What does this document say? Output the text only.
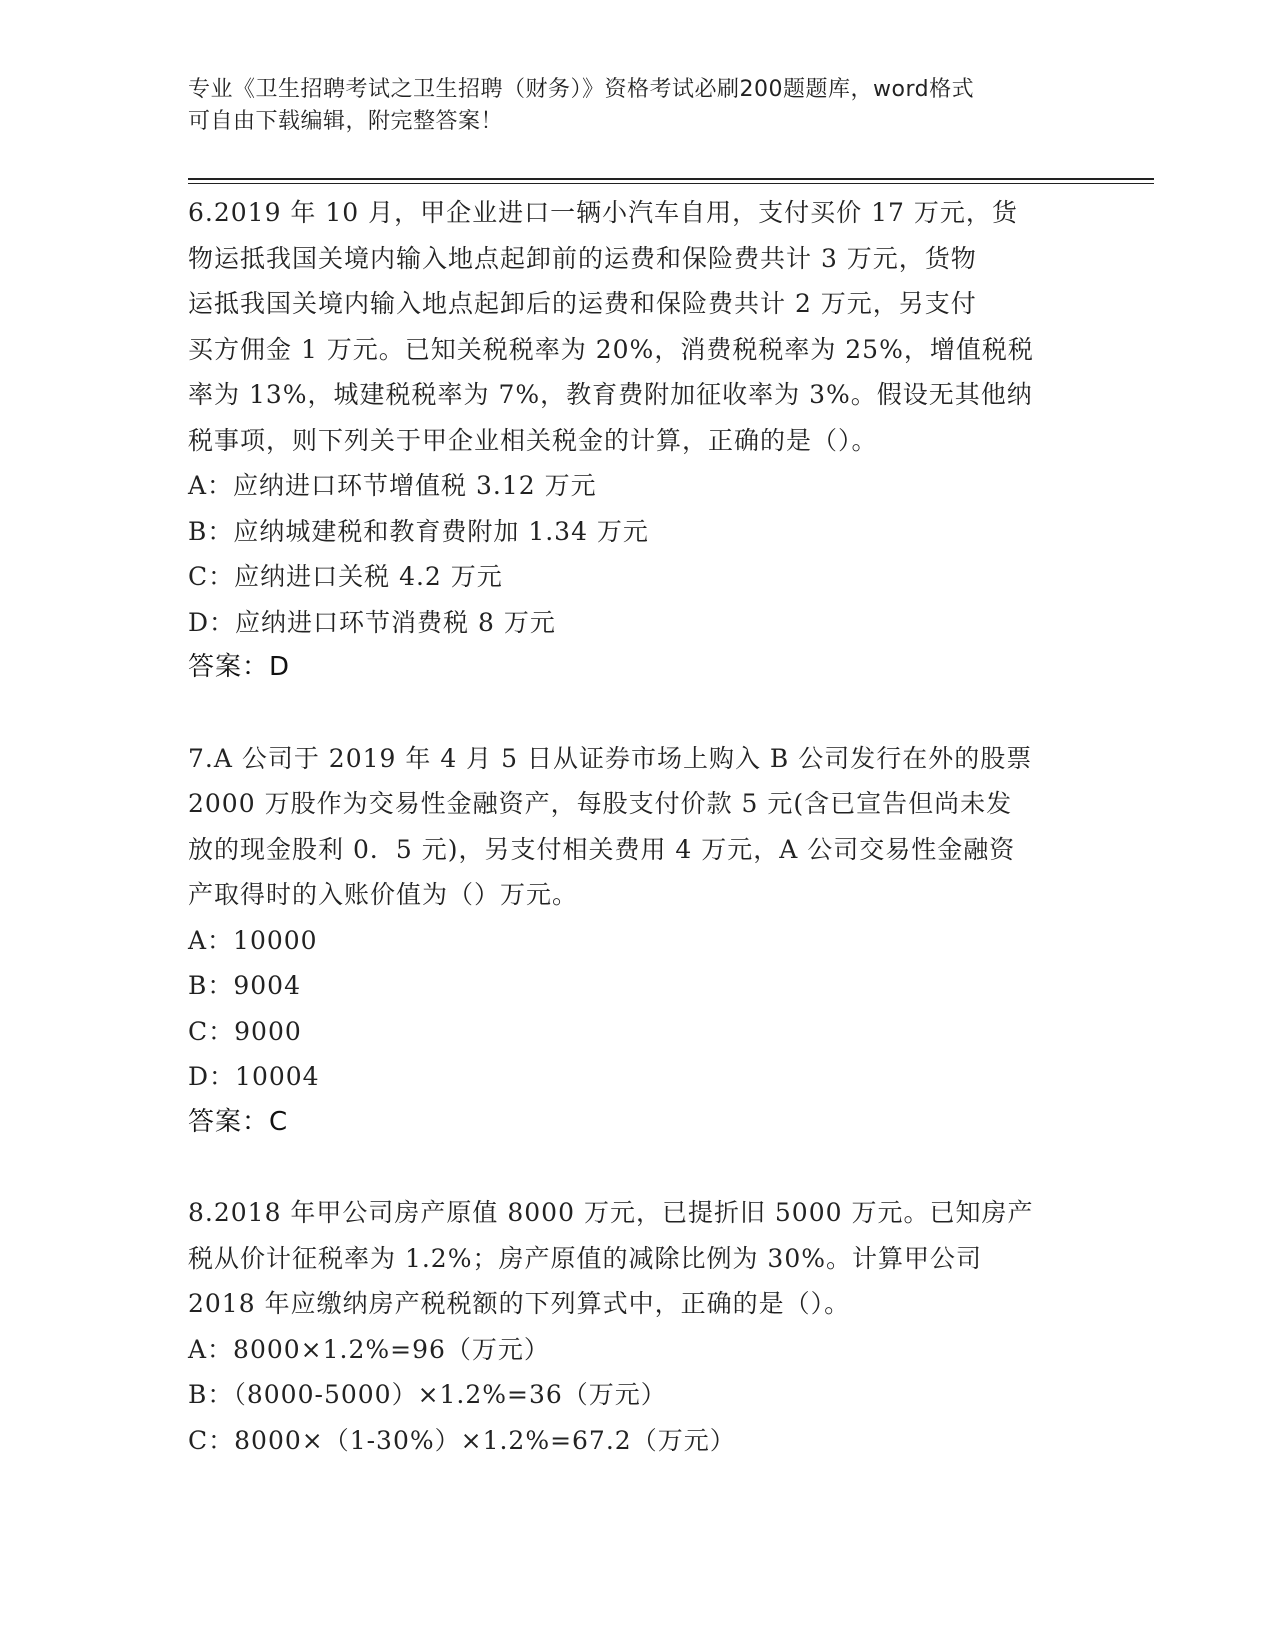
专业《卫生招聘考试之卫生招聘（财务）》资格考试必刷200题题库，word格式
可自由下载编辑，附完整答案！

6.2019 年 10 月，甲企业进口一辆小汽车自用，支付买价 17 万元，货

物运抵我国关境内输入地点起卸前的运费和保险费共计 3 万元，货物

运抵我国关境内输入地点起卸后的运费和保险费共计 2 万元，另支付

买方佣金 1 万元。已知关税税率为 20%，消费税税率为 25%，增值税税

率为 13%，城建税税率为 7%，教育费附加征收率为 3%。假设无其他纳

税事项，则下列关于甲企业相关税金的计算，正确的是（）。

A：应纳进口环节增值税 3.12 万元

B：应纳城建税和教育费附加 1.34 万元

C：应纳进口关税 4.2 万元

D：应纳进口环节消费税 8 万元

答案：D

7.A 公司于 2019 年 4 月 5 日从证券市场上购入 B 公司发行在外的股票

2000 万股作为交易性金融资产，每股支付价款 5 元(含已宣告但尚未发

放的现金股利 0．5 元)，另支付相关费用 4 万元，A 公司交易性金融资

产取得时的入账价值为（）万元。

A：10000

B：9004

C：9000

D：10004

答案：C

8.2018 年甲公司房产原值 8000 万元，已提折旧 5000 万元。已知房产

税从价计征税率为 1.2%；房产原值的减除比例为 30%。计算甲公司

2018 年应缴纳房产税税额的下列算式中，正确的是（）。

A：8000×1.2%=96（万元）

B：（8000-5000）×1.2%=36（万元）

C：8000×（1-30%）×1.2%=67.2（万元）
